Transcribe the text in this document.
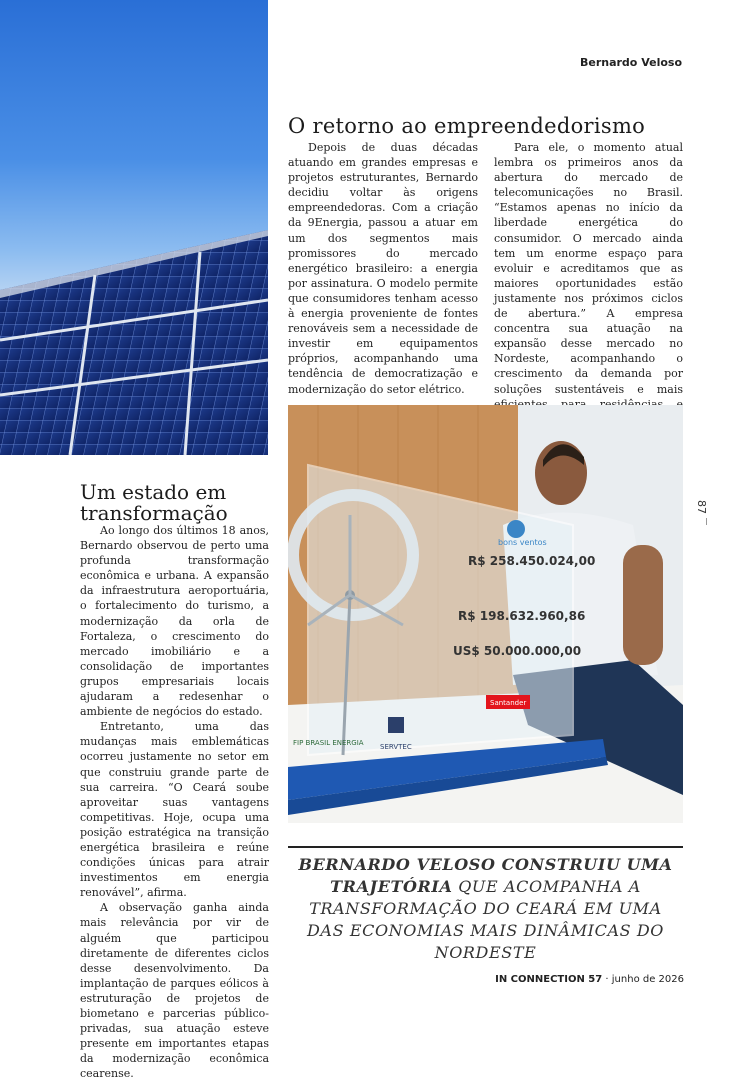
Bernardo Veloso
O retorno ao empreendedorismo

Depois de duas décadas atuando em grandes empresas e projetos estruturantes, Bernardo decidiu voltar às origens empreendedoras. Com a criação da 9Energia, passou a atuar em um dos segmentos mais promissores do mercado energético brasileiro: a energia por assinatura. O modelo permite que consumidores tenham acesso à energia proveniente de fontes renováveis sem a necessidade de investir em equipamentos próprios, acompanhando uma tendência de democratização e modernização do setor elétrico.

Para ele, o momento atual lembra os primeiros anos da abertura do mercado de telecomunicações no Brasil. “Estamos apenas no início da liberdade energética do consumidor. O mercado ainda tem um enorme espaço para evoluir e acreditamos que as maiores oportunidades estão justamente nos próximos ciclos de abertura.” A empresa concentra sua atuação na expansão desse mercado no Nordeste, acompanhando o crescimento da demanda por soluções sustentáveis e mais

R$ 258.450.024,00
R$ 198.632.960,86
US$ 50.000.000,00
bons ventos
Santander
FIP BRASIL ENERGIA SERVTEC
87
Um estado em transformação

Ao longo dos últimos 18 anos, Bernardo observou de perto uma profunda transformação econômica e urbana. A expansão da infraestrutura aeroportuária, o fortalecimento do turismo, a modernização da orla de Fortaleza, o crescimento do mercado imobiliário e a consolidação de importantes grupos empresariais locais ajudaram a redesenhar o ambiente de negócios do estado.

Entretanto, uma das mudanças mais emblemáticas ocorreu justamente no setor em que construiu grande parte de sua carreira. “O Ceará soube aproveitar suas vantagens competitivas. Hoje, ocupa uma posição estratégica na transição energética brasileira e reúne condições únicas para atrair investimentos em energia renovável”, afirma.

A observação ganha ainda mais relevância por vir de alguém que participou diretamente de diferentes ciclos desse desenvolvimento. Da implantação de parques eólicos à estruturação de projetos de biometano e parcerias público-privadas, sua atuação esteve presente em importantes etapas da modernização econômica cearense.

BERNARDO VELOSO CONSTRUIU UMA TRAJETÓRIA QUE ACOMPANHA A TRANSFORMAÇÃO DO CEARÁ EM UMA DAS ECONOMIAS MAIS DINÂMICAS DO NORDESTE
IN CONNECTION 57 · junho de 2026
